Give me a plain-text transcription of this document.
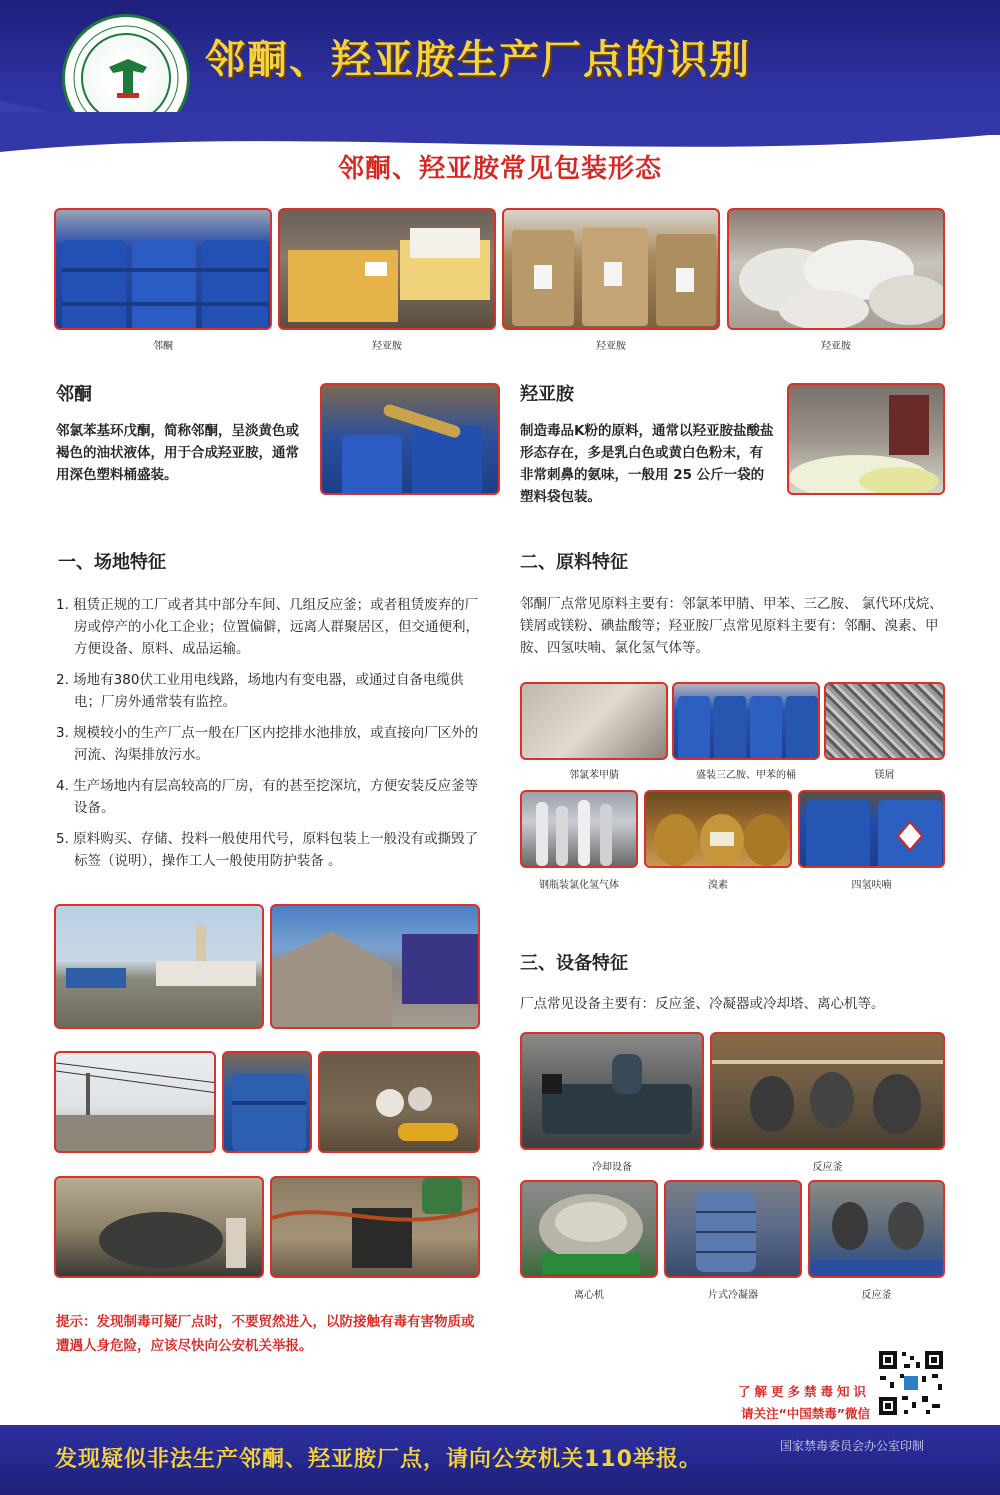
邻酮、羟亚胺生产厂点的识别
邻酮、羟亚胺常见包装形态
邻酮	羟亚胺	羟亚胺	羟亚胺
邻酮
邻氯苯基环戊酮，简称邻酮，呈淡黄色或褐色的油状液体，用于合成羟亚胺，通常用深色塑料桶盛装。
羟亚胺
制造毒品K粉的原料，通常以羟亚胺盐酸盐形态存在，多是乳白色或黄白色粉末，有非常刺鼻的氨味，一般用 25 公斤一袋的塑料袋包装。
一、场地特征
1. 租赁正规的工厂或者其中部分车间、几组反应釜；或者租赁废弃的厂房或停产的小化工企业；位置偏僻，远离人群聚居区，但交通便利，方便设备、原料、成品运输。
2. 场地有380伏工业用电线路，场地内有变电器，或通过自备电缆供电；厂房外通常装有监控。
3. 规模较小的生产厂点一般在厂区内挖排水池排放，或直接向厂区外的河流、沟渠排放污水。
4. 生产场地内有层高较高的厂房，有的甚至挖深坑，方便安装反应釜等设备。
5. 原料购买、存储、投料一般使用代号，原料包装上一般没有或撕毁了标签（说明），操作工人一般使用防护装备 。
提示：发现制毒可疑厂点时，不要贸然进入，以防接触有毒有害物质或遭遇人身危险，应该尽快向公安机关举报。
二、原料特征
邻酮厂点常见原料主要有：邻氯苯甲腈、甲苯、三乙胺、 氯代环戊烷、镁屑或镁粉、碘盐酸等；羟亚胺厂点常见原料主要有：邻酮、溴素、甲胺、四氢呋喃、氯化氢气体等。
邻氯苯甲腈	盛装三乙胺、甲苯的桶	镁屑
钢瓶装氯化氢气体	溴素	四氢呋喃
三、设备特征
厂点常见设备主要有：反应釜、冷凝器或冷却塔、离心机等。
冷却设备	反应釜
离心机	片式冷凝器	反应釜
了解更多禁毒知识
请关注“中国禁毒”微信
发现疑似非法生产邻酮、羟亚胺厂点，请向公安机关110举报。
国家禁毒委员会办公室印制
